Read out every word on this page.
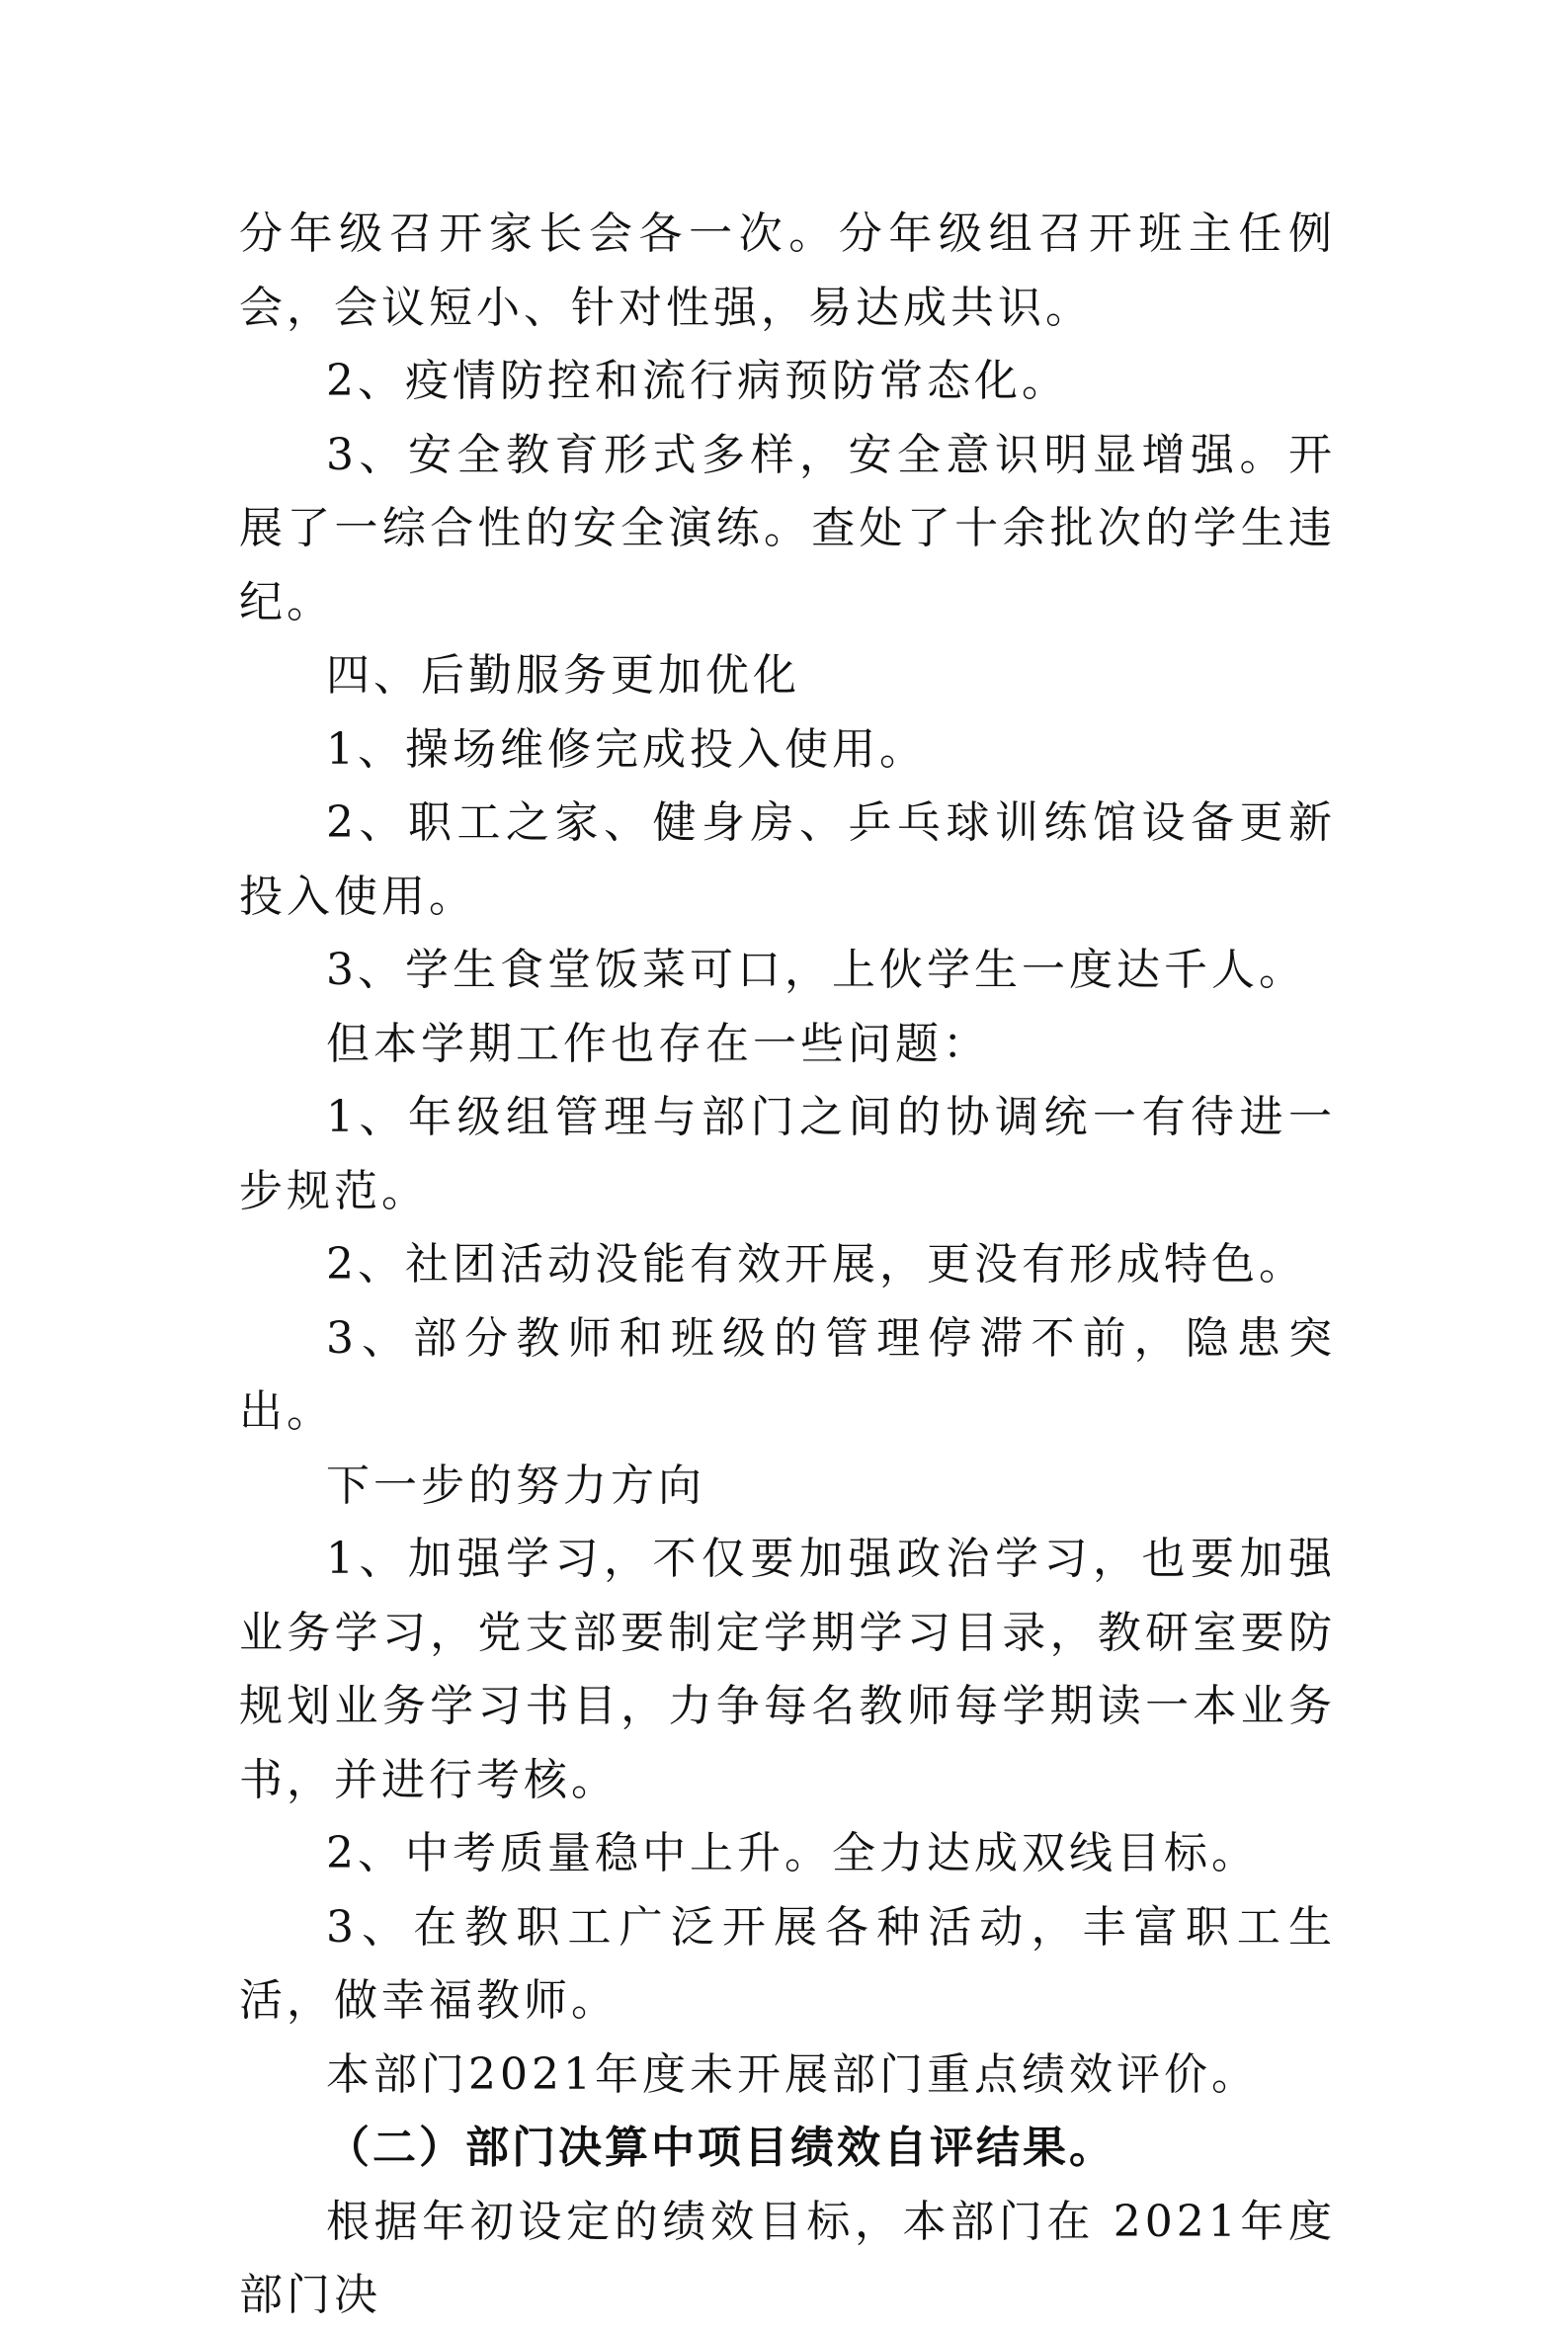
分年级召开家长会各一次。分年级组召开班主任例会，会议短小、针对性强，易达成共识。

2、疫情防控和流行病预防常态化。

3、安全教育形式多样，安全意识明显增强。开展了一综合性的安全演练。查处了十余批次的学生违纪。

四、后勤服务更加优化

1、操场维修完成投入使用。

2、职工之家、健身房、乒乓球训练馆设备更新投入使用。

3、学生食堂饭菜可口，上伙学生一度达千人。

但本学期工作也存在一些问题：

1、年级组管理与部门之间的协调统一有待进一步规范。

2、社团活动没能有效开展，更没有形成特色。

3、部分教师和班级的管理停滞不前，隐患突出。

下一步的努力方向

1、加强学习，不仅要加强政治学习，也要加强业务学习，党支部要制定学期学习目录，教研室要防规划业务学习书目，力争每名教师每学期读一本业务书，并进行考核。

2、中考质量稳中上升。全力达成双线目标。

3、在教职工广泛开展各种活动，丰富职工生活，做幸福教师。

本部门2021年度未开展部门重点绩效评价。

（二）部门决算中项目绩效自评结果。

根据年初设定的绩效目标，本部门在 2021年度部门决
